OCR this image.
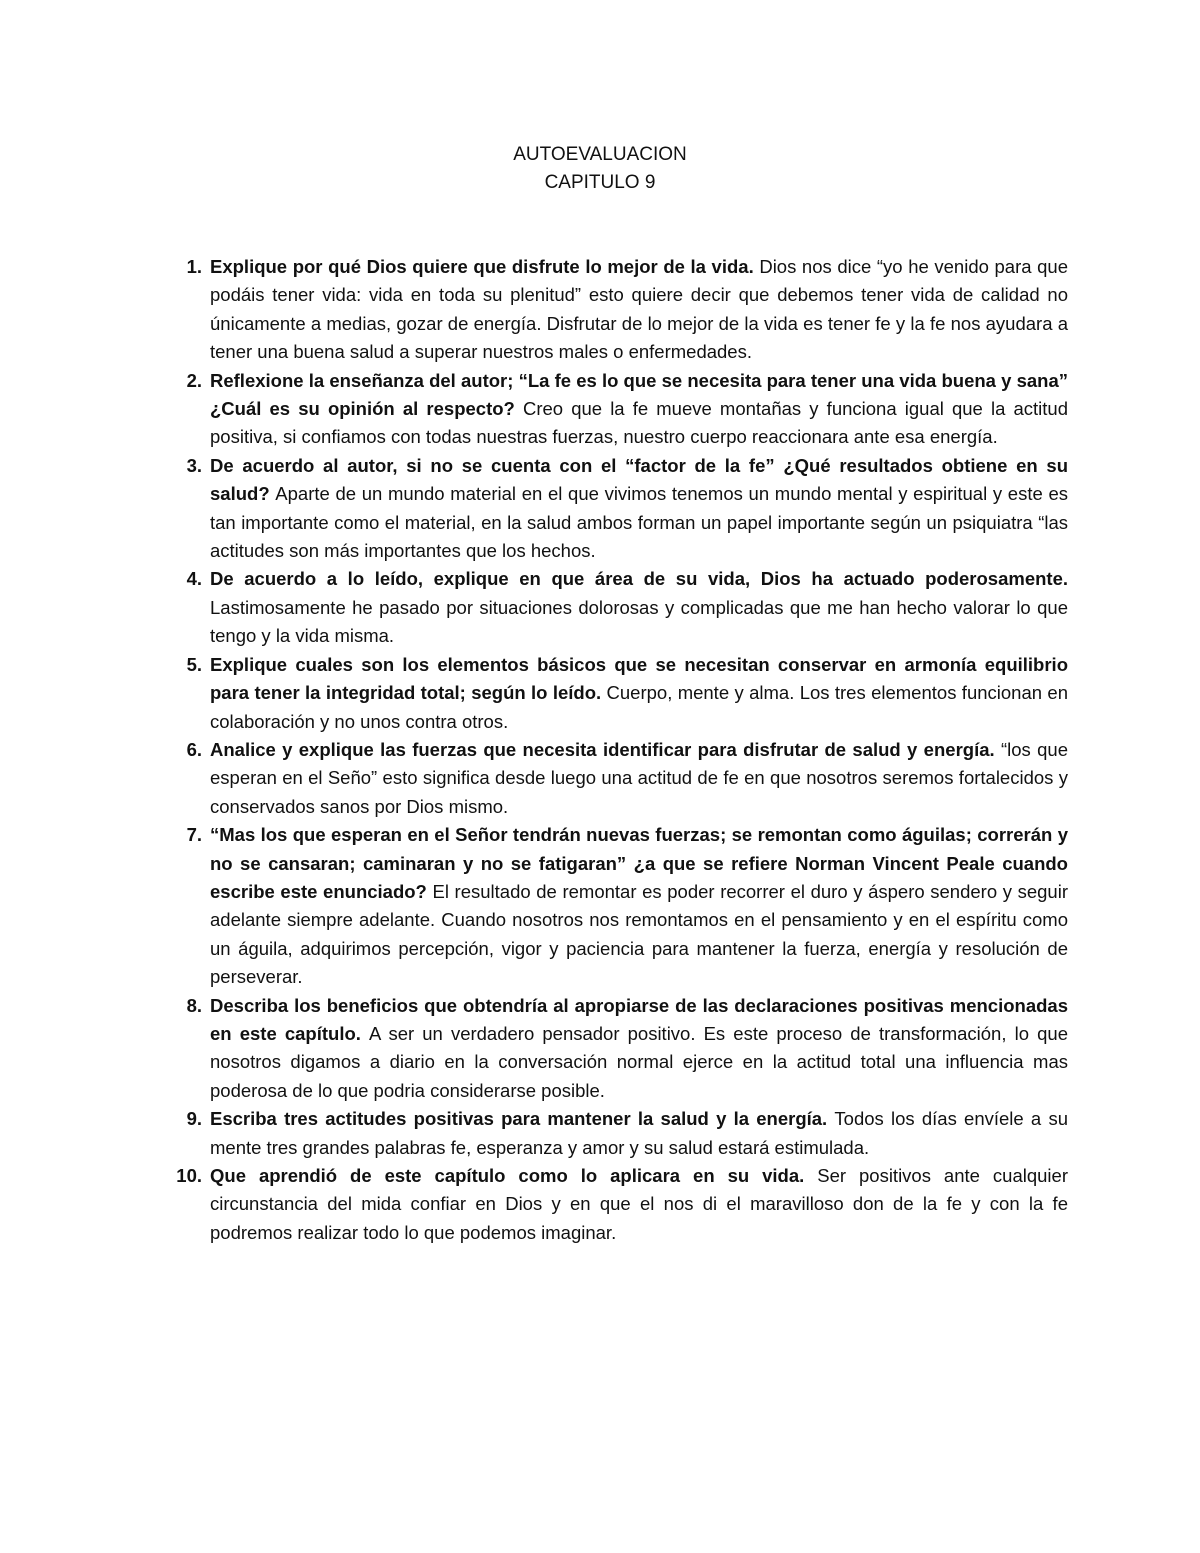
AUTOEVALUACION
CAPITULO 9
1. Explique por qué Dios quiere que disfrute lo mejor de la vida. Dios nos dice “yo he venido para que podáis tener vida: vida en toda su plenitud” esto quiere decir que debemos tener vida de calidad no únicamente a medias, gozar de energía. Disfrutar de lo mejor de la vida es tener fe y la fe nos ayudara a tener una buena salud a superar nuestros males o enfermedades.
2. Reflexione la enseñanza del autor; “La fe es lo que se necesita para tener una vida buena y sana” ¿Cuál es su opinión al respecto? Creo que la fe mueve montañas y funciona igual que la actitud positiva, si confiamos con todas nuestras fuerzas, nuestro cuerpo reaccionara ante esa energía.
3. De acuerdo al autor, si no se cuenta con el “factor de la fe” ¿Qué resultados obtiene en su salud? Aparte de un mundo material en el que vivimos tenemos un mundo mental y espiritual y este es tan importante como el material, en la salud ambos forman un papel importante según un psiquiatra “las actitudes son más importantes que los hechos.
4. De acuerdo a lo leído, explique en que área de su vida, Dios ha actuado poderosamente. Lastimosamente he pasado por situaciones dolorosas y complicadas que me han hecho valorar lo que tengo y la vida misma.
5. Explique cuales son los elementos básicos que se necesitan conservar en armonía equilibrio para tener la integridad total; según lo leído. Cuerpo, mente y alma. Los tres elementos funcionan en colaboración y no unos contra otros.
6. Analice y explique las fuerzas que necesita identificar para disfrutar de salud y energía. “los que esperan en el Seño” esto significa desde luego una actitud de fe en que nosotros seremos fortalecidos y conservados sanos por Dios mismo.
7. “Mas los que esperan en el Señor tendrán nuevas fuerzas; se remontan como águilas; correrán y no se cansaran; caminaran y no se fatigaran” ¿a que se refiere Norman Vincent Peale cuando escribe este enunciado? El resultado de remontar es poder recorrer el duro y áspero sendero y seguir adelante siempre adelante. Cuando nosotros nos remontamos en el pensamiento y en el espíritu como un águila, adquirimos percepción, vigor y paciencia para mantener la fuerza, energía y resolución de perseverar.
8. Describa los beneficios que obtendría al apropiarse de las declaraciones positivas mencionadas en este capítulo. A ser un verdadero pensador positivo. Es este proceso de transformación, lo que nosotros digamos a diario en la conversación normal ejerce en la actitud total una influencia mas poderosa de lo que podria considerarse posible.
9. Escriba tres actitudes positivas para mantener la salud y la energía. Todos los días envíele a su mente tres grandes palabras fe, esperanza y amor y su salud estará estimulada.
10. Que aprendió de este capítulo como lo aplicara en su vida. Ser positivos ante cualquier circunstancia del mida confiar en Dios y en que el nos di el maravilloso don de la fe y con la fe podremos realizar todo lo que podemos imaginar.
